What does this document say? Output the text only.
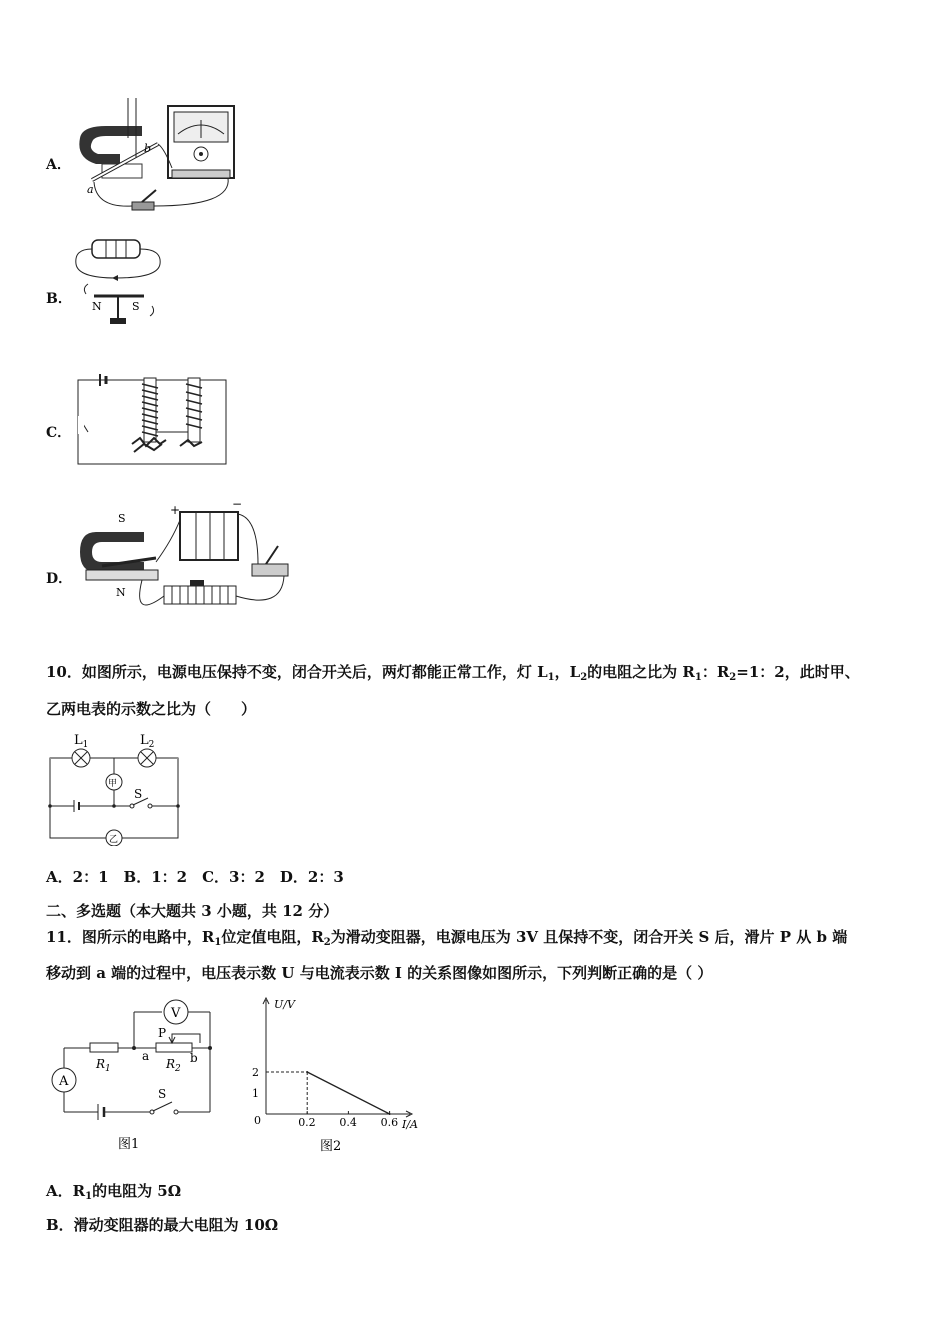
A．
a
b
B． N	S
C．
D．
S
N
+	−
10．如图所示，电源电压保持不变，闭合开关后，两灯都能正常工作，灯 $L_1$，$L_2$的电阻之比为 $R_1$：$R_2=1$：2，此时甲、
乙两电表的示数之比为（　　）
$L_1$	$L_2$
甲
S
乙
A．2：1　B．1：2　C．3：2　D．2：3
二、多选题（本大题共 3 小题，共 12 分）
11．图所示的电路中，$R_1$位定值电阻，$R_2$为滑动变阻器，电源电压为 3V 且保持不变，闭合开关 S 后，滑片 P 从 b 端
移动到 a 端的过程中，电压表示数 U 与电流表示数 I 的关系图像如图所示，下列判断正确的是（ ）
V
P
a	b
$R_1$	$R_2$
A
S
图1
U/V
I/A
0	0.2 0.4 0.6
1
2
图2
A．$R_1$的电阻为 5Ω
B．滑动变阻器的最大电阻为 10Ω
